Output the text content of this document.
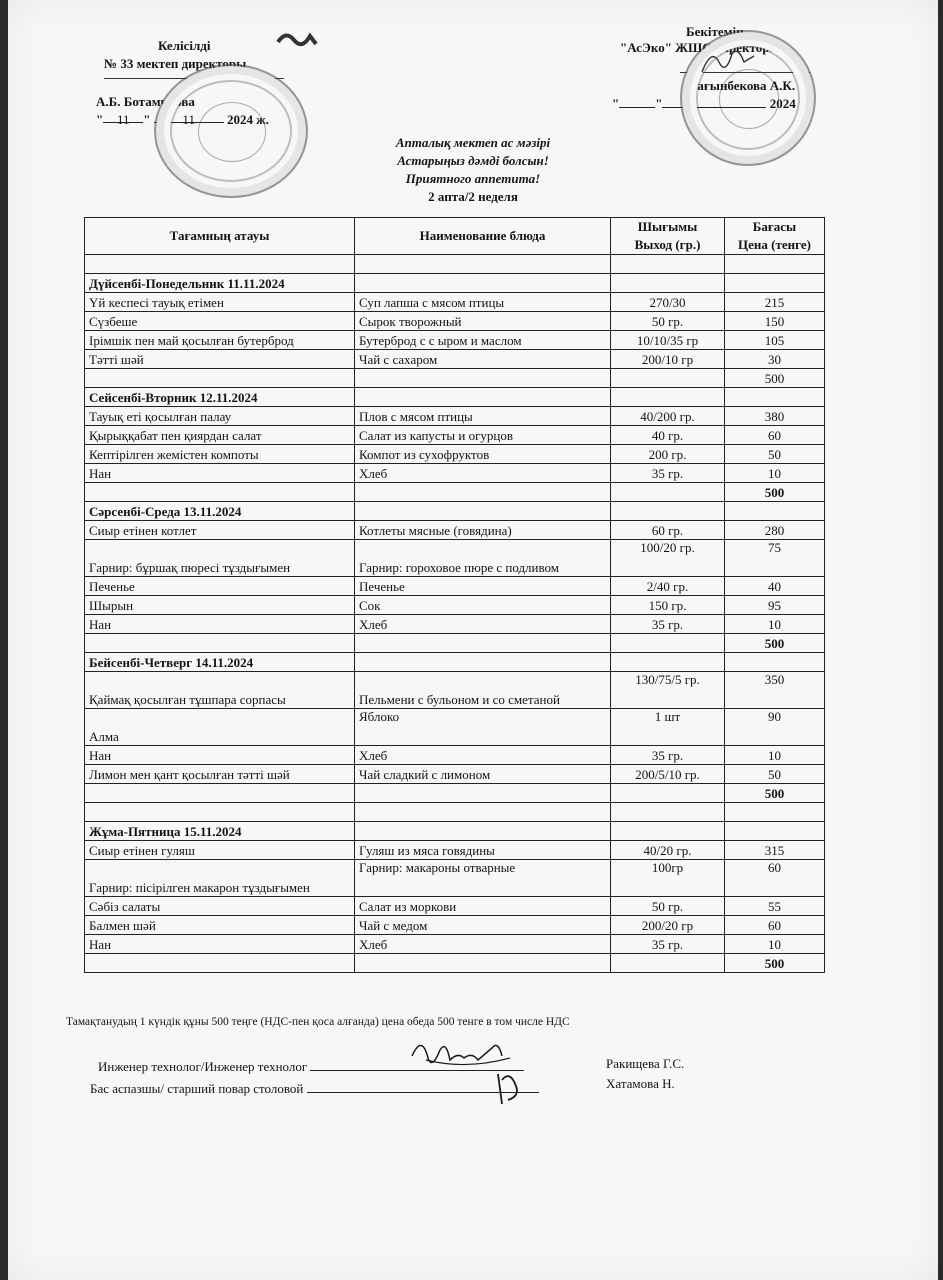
Келісілді
№ 33 мектеп директоры
А.Б. Ботамҷлова
" 11 " 11 2024 ж.
Бекітемін
"АсЭко" ЖШС директоры
Сағынбекова А.К.
"	"	2024 ж.
Апталық мектеп ас мәзірі
Астарыңыз дәмді болсын!
Приятного аппетита!
2 апта/2 неделя
Тағамның атауы	Наименование блюда	Шығымы	Бағасы
		Выход (гр.)	Цена (тенге)

Дүйсенбі-Понедельник 11.11.2024			
Үй кеспесі тауық етімен	Суп лапша с мясом птицы	270/30	215
Сүзбеше	Сырок творожный	50 гр.	150
Ірімшік пен май қосылған бутерброд	Бутерброд с с ыром и маслом	10/10/35 гр	105
Тәтті шәй	Чай с сахаром	200/10 гр	30
			500
Сейсенбі-Вторник 12.11.2024			
Тауық еті қосылған палау	Плов с мясом птицы	40/200 гр.	380
Қырыққабат пен қиярдан салат	Салат из капусты и огурцов	40 гр.	60
Кептірілген жемістен компоты	Компот из сухофруктов	200 гр.	50
Нан	Хлеб	35 гр.	10
			500
Сәрсенбі-Среда 13.11.2024			
Сиыр етінен котлет	Котлеты мясные (говядина)	60 гр.	280
Гарнир: бұршақ пюресі тұздығымен	Гарнир: гороховое пюре с подливом	100/20 гр.	75
Печенье	Печенье	2/40 гр.	40
Шырын	Сок	150 гр.	95
Нан	Хлеб	35 гр.	10
			500
Бейсенбі-Четверг 14.11.2024			
Қаймақ қосылған тұшпара сорпасы	Пельмени с бульоном и со сметаной	130/75/5 гр.	350
Алма	Яблоко	1 шт	90
Нан	Хлеб	35 гр.	10
Лимон мен қант қосылған тәтті шәй	Чай сладкий с лимоном	200/5/10 гр.	50
			500

Жұма-Пятница 15.11.2024			
Сиыр етінен гуляш	Гуляш из мяса говядины	40/20 гр.	315
Гарнир: пісірілген макарон тұздығымен	Гарнир: макароны отварные	100гр	60
Сәбіз салаты	Салат из моркови	50 гр.	55
Балмен шәй	Чай с медом	200/20 гр	60
Нан	Хлеб	35 гр.	10
			500
Тамақтанудың 1 күндік құны 500 теңге (НДС-пен қоса алғанда) цена обеда 500 тенге в том числе НДС
Инженер технолог/Инженер технолог	Ракищева Г.С.
Бас аспазшы/ старший повар столовой	Хатамова Н.
